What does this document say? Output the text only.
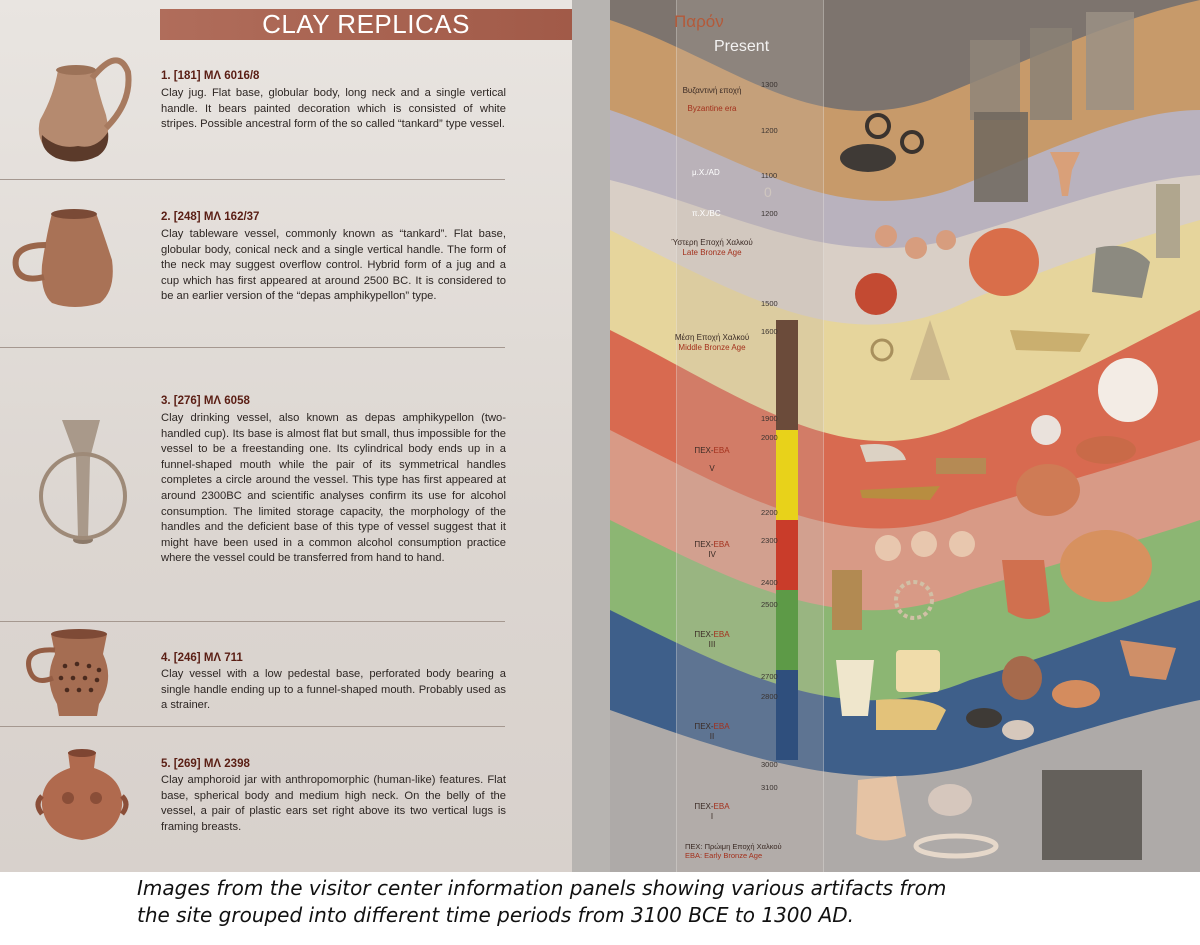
CLAY REPLICAS
1. [181] ΜΛ 6016/8

Clay jug. Flat base, globular body, long neck and a single vertical handle. It bears painted decoration which is consisted of white stripes. Possible ancestral form of the so called “tankard” type vessel.

2. [248] ΜΛ 162/37

Clay tableware vessel, commonly known as “tankard”. Flat base, globular body, conical neck and a single vertical handle. The form of the neck may suggest overflow control. Hybrid form of a jug and a cup which has first appeared at around 2500 BC. It is considered to be an earlier version of the “depas amphikypellon” type.

3. [276] ΜΛ 6058

Clay drinking vessel, also known as depas amphikypellon (two-handled cup). Its base is almost flat but small, thus impossible for the vessel to be a freestanding one. Its cylindrical body ends up in a funnel-shaped mouth while the pair of its symmetrical handles completes a circle around the vessel. This type has first appeared at around 2300BC and scientific analyses confirm its use for alcohol consumption. The limited storage capacity, the morphology of the handles and the deficient base of this type of vessel suggest that it might have been used in a common alcohol consumption practice where the vessel could be transferred from hand to hand.

4. [246] ΜΛ 711

Clay vessel with a low pedestal base, perforated body bearing a single handle ending up to a funnel-shaped mouth. Probably used as a strainer.

5. [269] ΜΛ 2398

Clay amphoroid jar with anthropomorphic (human-like) features. Flat base, spherical body and medium high neck. On the belly of the vessel, a pair of plastic ears set right above its two vertical lugs is framing breasts.

Παρόν
Present
Βυζαντινή εποχή
Byzantine era
μ.Χ./AD
0
π.Χ./BC
Ύστερη Εποχή Χαλκού
Late Bronze Age
Μέση Εποχή Χαλκού
Middle Bronze Age
ΠΕΧ-EBA
V
ΠΕΧ-EBA
IV
ΠΕΧ-EBA
III
ΠΕΧ-EBA
II
ΠΕΧ-EBA
I
1300
1200
1100
1200
1500
1600
1900
2000
2200
2300
2400
2500
2700
2800
3000
3100
ΠΕΧ: Πρώιμη Εποχή Χαλκού
EBA: Early Bronze Age

Images from the visitor center information panels showing various artifacts from
the site grouped into different time periods from 3100 BCE to 1300 AD.
